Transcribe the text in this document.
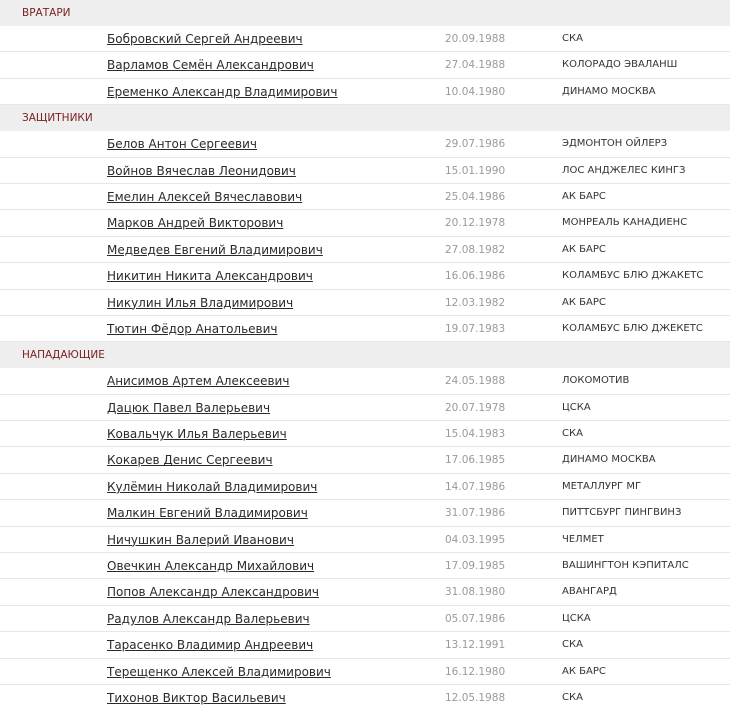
ВРАТАРИ
Бобровский Сергей Андреевич	20.09.1988	СКА
Варламов Семён Александрович	27.04.1988	КОЛОРАДО ЭВАЛАНШ
Еременко Александр Владимирович	10.04.1980	ДИНАМО МОСКВА
ЗАЩИТНИКИ
Белов Антон Сергеевич	29.07.1986	ЭДМОНТОН ОЙЛЕРЗ
Войнов Вячеслав Леонидович	15.01.1990	ЛОС АНДЖЕЛЕС КИНГЗ
Емелин Алексей Вячеславович	25.04.1986	АК БАРС
Марков Андрей Викторович	20.12.1978	МОНРЕАЛЬ КАНАДИЕНС
Медведев Евгений Владимирович	27.08.1982	АК БАРС
Никитин Никита Александрович	16.06.1986	КОЛАМБУС БЛЮ ДЖАКЕТС
Никулин Илья Владимирович	12.03.1982	АК БАРС
Тютин Фёдор Анатольевич	19.07.1983	КОЛАМБУС БЛЮ ДЖЕКЕТС
НАПАДАЮЩИЕ
Анисимов Артем Алексеевич	24.05.1988	ЛОКОМОТИВ
Дацюк Павел Валерьевич	20.07.1978	ЦСКА
Ковальчук Илья Валерьевич	15.04.1983	СКА
Кокарев Денис Сергеевич	17.06.1985	ДИНАМО МОСКВА
Кулёмин Николай Владимирович	14.07.1986	МЕТАЛЛУРГ МГ
Малкин Евгений Владимирович	31.07.1986	ПИТТСБУРГ ПИНГВИНЗ
Ничушкин Валерий Иванович	04.03.1995	ЧЕЛМЕТ
Овечкин Александр Михайлович	17.09.1985	ВАШИНГТОН КЭПИТАЛС
Попов Александр Александрович	31.08.1980	АВАНГАРД
Радулов Александр Валерьевич	05.07.1986	ЦСКА
Тарасенко Владимир Андреевич	13.12.1991	СКА
Терещенко Алексей Владимирович	16.12.1980	АК БАРС
Тихонов Виктор Васильевич	12.05.1988	СКА
